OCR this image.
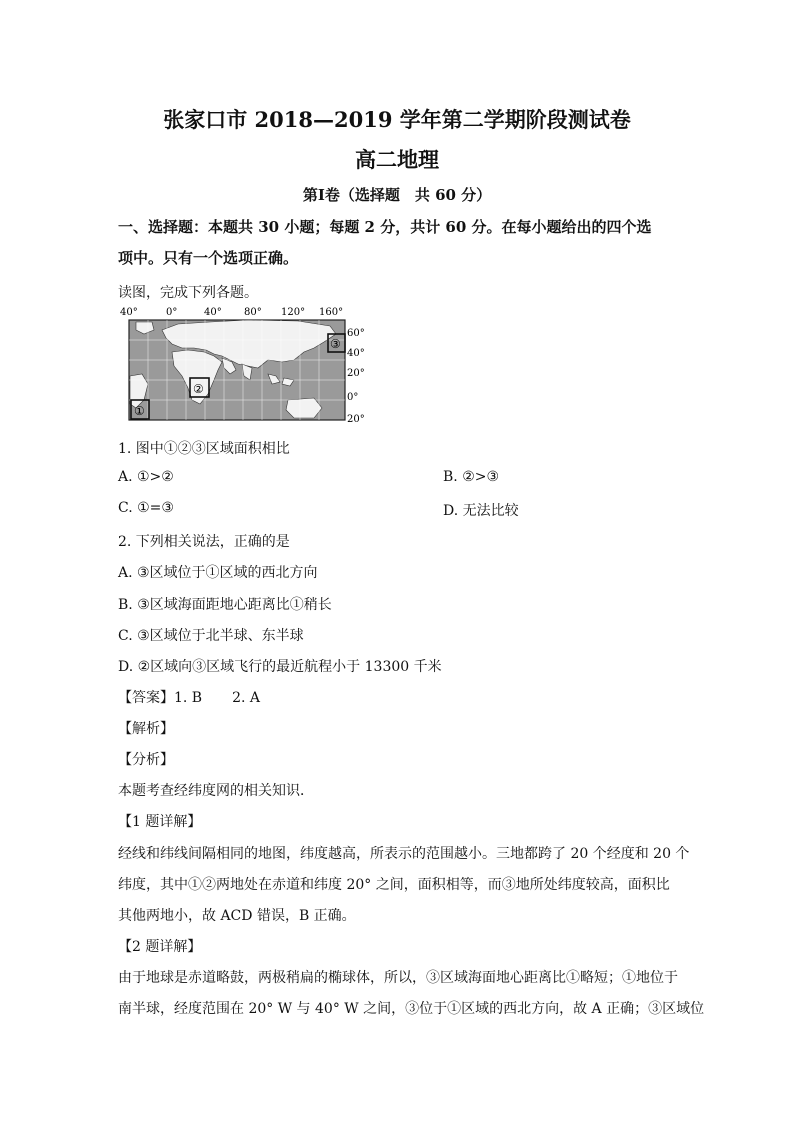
张家口市 2018—2019 学年第二学期阶段测试卷
高二地理
第Ⅰ卷（选择题　共 60 分）
一、选择题：本题共 30 小题；每题 2 分，共计 60 分。在每小题给出的四个选
项中。只有一个选项正确。
读图，完成下列各题。
40°	0°	40° 80° 120° 160°
①
②
③
60°
40°
20°
0°
20°
1. 图中①②③区域面积相比
A. ①>②	B. ②>③
C. ①=③	D. 无法比较
2. 下列相关说法，正确的是
A. ③区域位于①区域的西北方向
B. ③区域海面距地心距离比①稍长
C. ③区域位于北半球、东半球
D. ②区域向③区域飞行的最近航程小于 13300 千米
【答案】1. B 2. A
【解析】
【分析】
本题考查经纬度网的相关知识．
【1 题详解】
经线和纬线间隔相同的地图，纬度越高，所表示的范围越小。三地都跨了 20 个经度和 20 个
纬度，其中①②两地处在赤道和纬度 20° 之间，面积相等，而③地所处纬度较高，面积比
其他两地小，故 ACD 错误，B 正确。
【2 题详解】
由于地球是赤道略鼓，两极稍扁的椭球体，所以，③区域海面地心距离比①略短；①地位于
南半球，经度范围在 20° W 与 40° W 之间，③位于①区域的西北方向，故 A 正确；③区域位
